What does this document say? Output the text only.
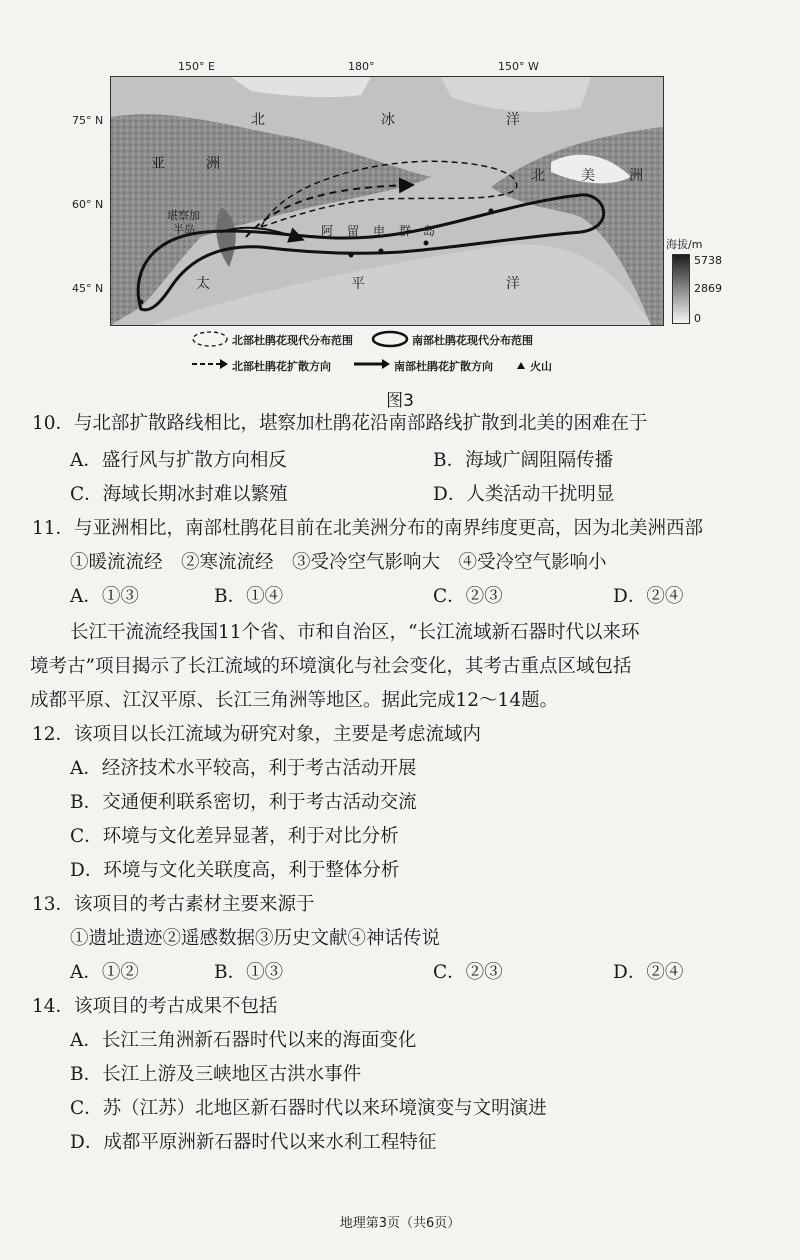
150° E	180°	150° W
75° N
60° N
45° N
北	冰	洋
亚	洲
北	美 洲
堪察加
半岛	阿 留 申 群 岛
太	平	洋
海拔/m
5738
2869
0
北部杜鹃花现代分布范围	南部杜鹃花现代分布范围
北部杜鹃花扩散方向	南部杜鹃花扩散方向	火山
图3
10．与北部扩散路线相比，堪察加杜鹃花沿南部路线扩散到北美的困难在于
A．盛行风与扩散方向相反	B．海域广阔阻隔传播
C．海域长期冰封难以繁殖	D．人类活动干扰明显
11．与亚洲相比，南部杜鹃花目前在北美洲分布的南界纬度更高，因为北美洲西部
①暖流流经　②寒流流经　③受冷空气影响大　④受冷空气影响小
A．①③	B．①④	C．②③	D．②④
长江干流流经我国11个省、市和自治区，“长江流域新石器时代以来环
境考古”项目揭示了长江流域的环境演化与社会变化，其考古重点区域包括
成都平原、江汉平原、长江三角洲等地区。据此完成12～14题。
12．该项目以长江流域为研究对象，主要是考虑流域内
A．经济技术水平较高，利于考古活动开展
B．交通便利联系密切，利于考古活动交流
C．环境与文化差异显著，利于对比分析
D．环境与文化关联度高，利于整体分析
13．该项目的考古素材主要来源于
①遗址遗迹②遥感数据③历史文献④神话传说
A．①②	B．①③	C．②③	D．②④
14．该项目的考古成果不包括
A．长江三角洲新石器时代以来的海面变化
B．长江上游及三峡地区古洪水事件
C．苏（江苏）北地区新石器时代以来环境演变与文明演进
D．成都平原洲新石器时代以来水利工程特征
地理第3页（共6页）
